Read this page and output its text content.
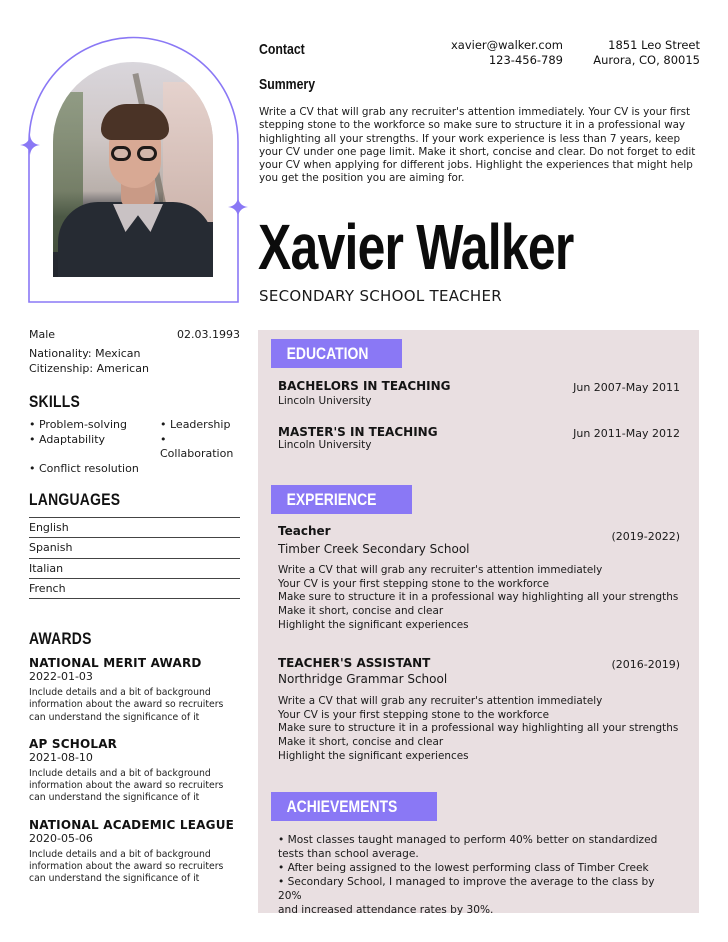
Contact	xavier@walker.com
123-456-789
1851 Leo Street
Aurora, CO, 80015
Summery
Write a CV that will grab any recruiter's attention immediately. Your CV is your first stepping stone to the workforce so make sure to structure it in a professional way highlighting all your strengths. If your work experience is less than 7 years, keep your CV under one page limit. Make it short, concise and clear. Do not forget to edit your CV when applying for different jobs. Highlight the experiences that might help you get the position you are aiming for.
Xavier Walker
SECONDARY SCHOOL TEACHER
Male	02.03.1993
Nationality: Mexican
Citizenship: American
SKILLS
• Problem-solving	• Leadership
• Adaptability	• Collaboration
• Conflict resolution
LANGUAGES
English
Spanish
Italian
French
AWARDS
NATIONAL MERIT AWARD
2022-01-03
Include details and a bit of background information about the award so recruiters can understand the significance of it
AP SCHOLAR
2021-08-10
Include details and a bit of background information about the award so recruiters can understand the significance of it
NATIONAL ACADEMIC LEAGUE
2020-05-06
Include details and a bit of background information about the award so recruiters can understand the significance of it
EDUCATION
BACHELORS IN TEACHING
Lincoln University
Jun 2007-May 2011
MASTER'S IN TEACHING
Lincoln University
Jun 2011-May 2012
EXPERIENCE
Teacher	(2019-2022)
Timber Creek Secondary School
Write a CV that will grab any recruiter's attention immediately
Your CV is your first stepping stone to the workforce
Make sure to structure it in a professional way highlighting all your strengths
Make it short, concise and clear
Highlight the significant experiences
TEACHER'S ASSISTANT	(2016-2019)
Northridge Grammar School
Write a CV that will grab any recruiter's attention immediately
Your CV is your first stepping stone to the workforce
Make sure to structure it in a professional way highlighting all your strengths
Make it short, concise and clear
Highlight the significant experiences
ACHIEVEMENTS
• Most classes taught managed to perform 40% better on standardized
tests than school average.
• After being assigned to the lowest performing class of Timber Creek
• Secondary School, I managed to improve the average to the class by 20%
and increased attendance rates by 30%.
